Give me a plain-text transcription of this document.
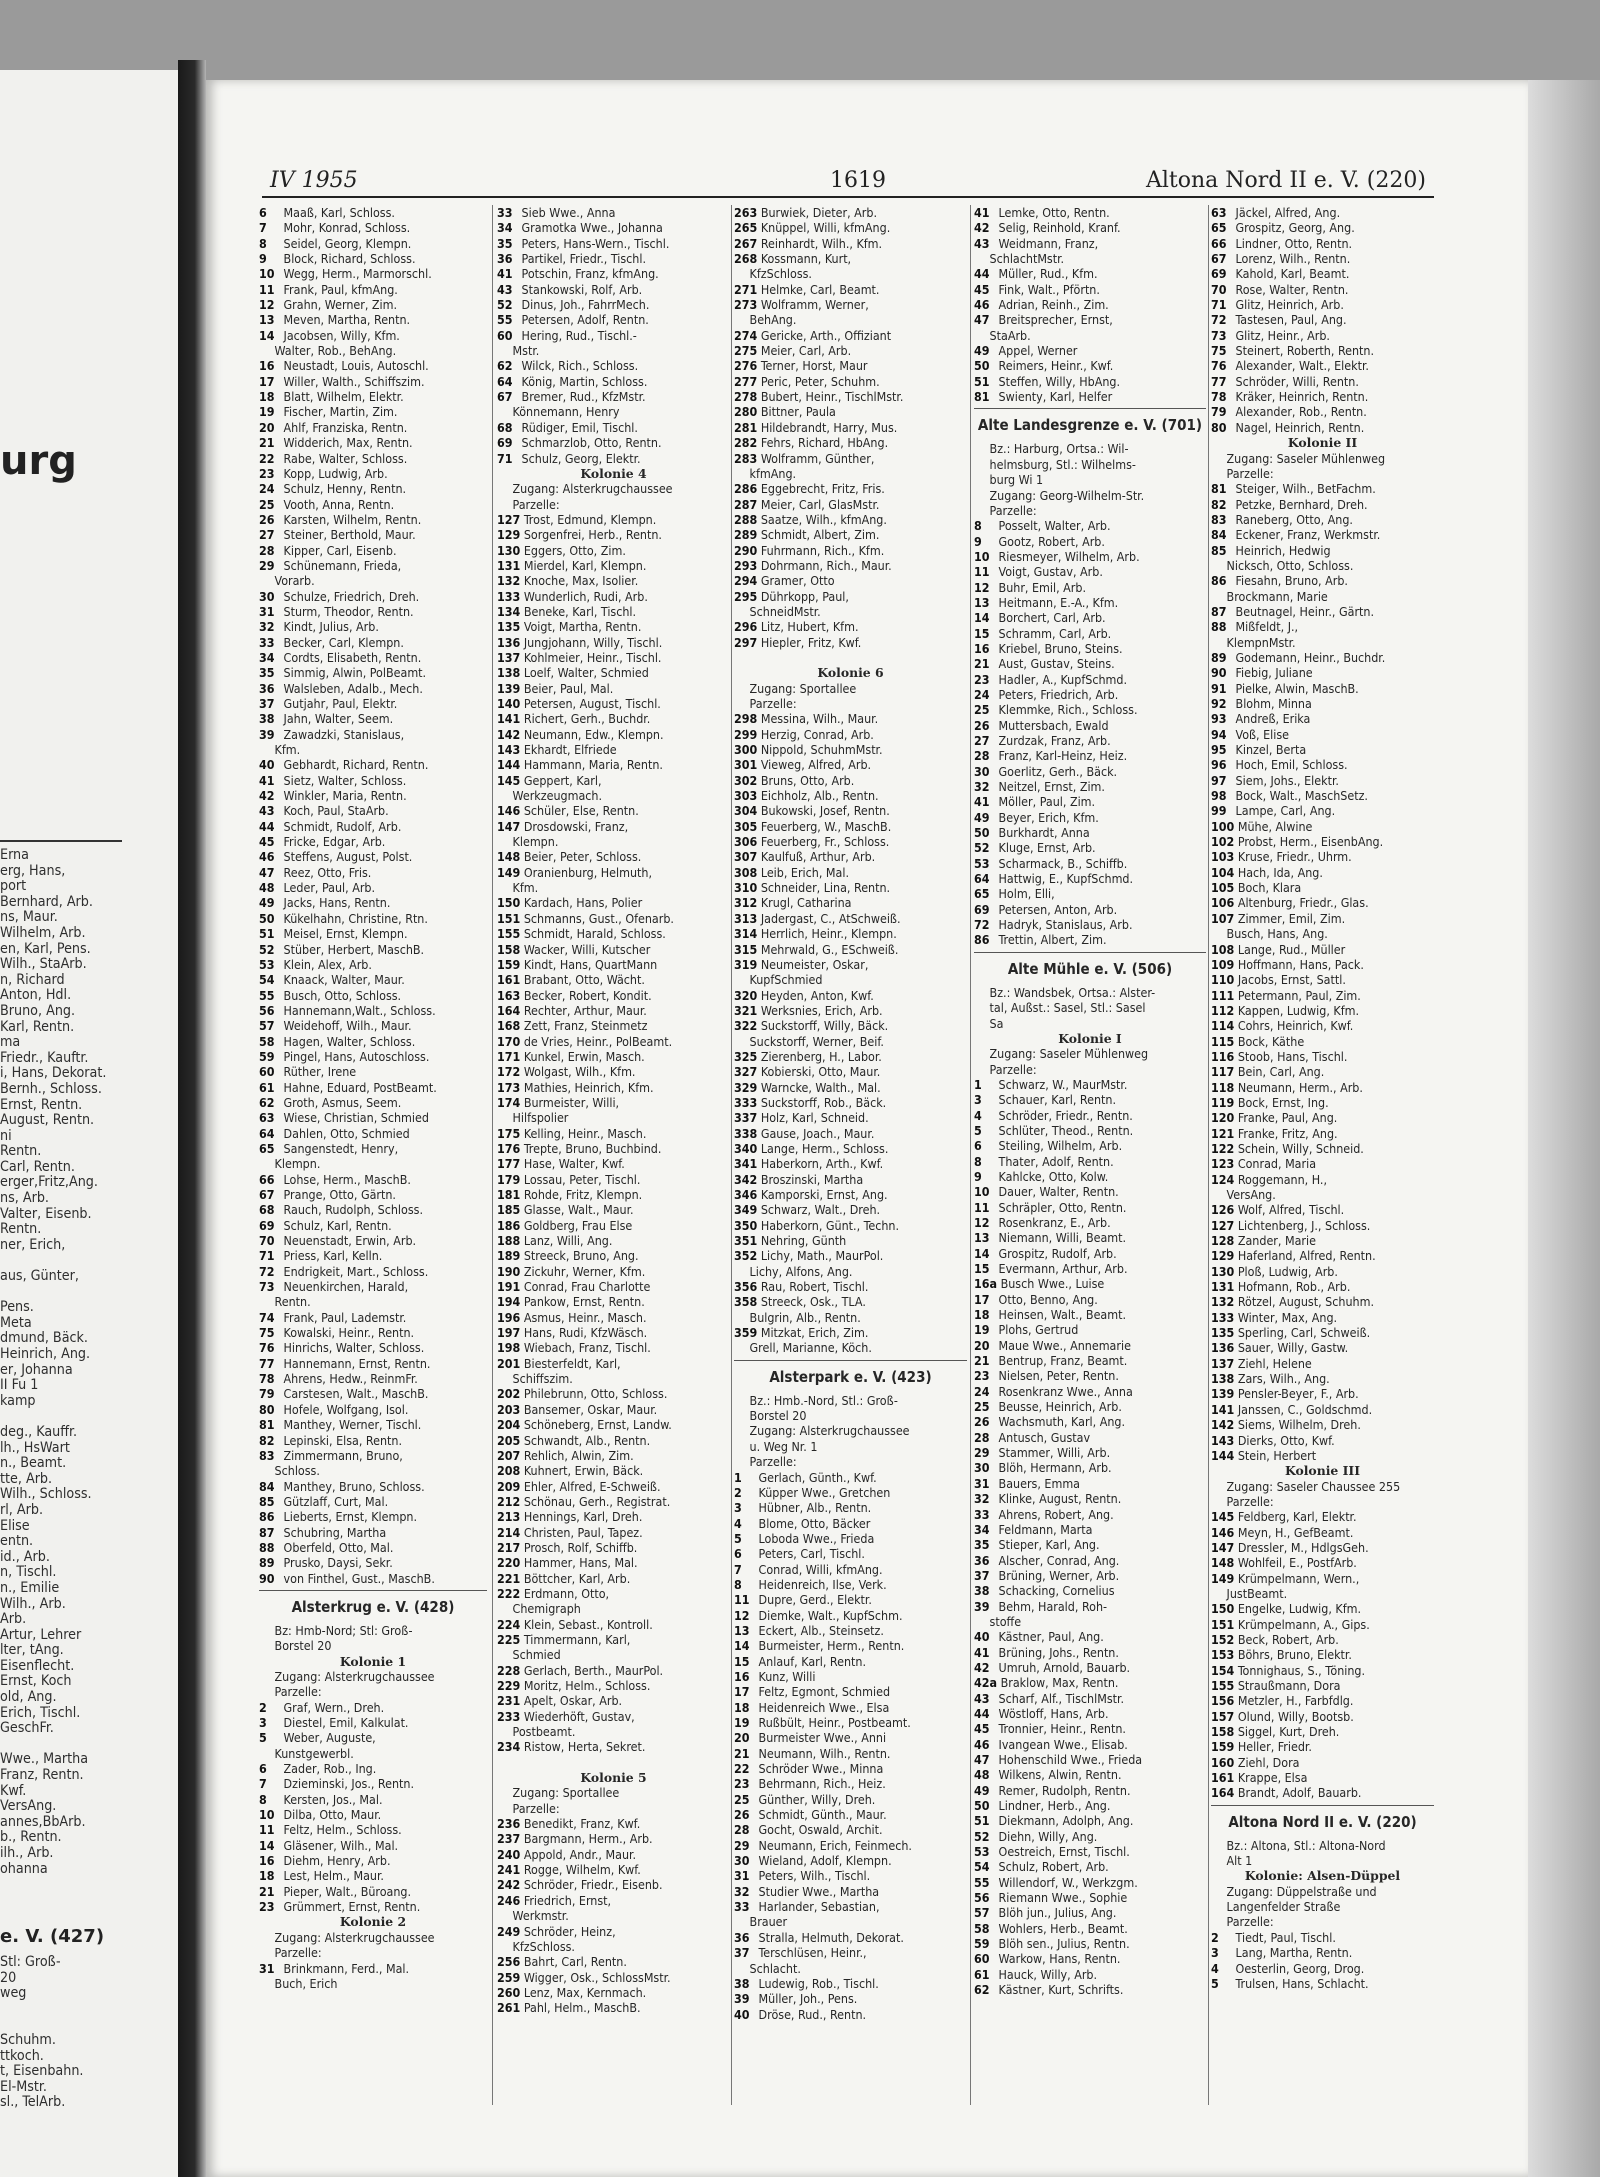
urg
Erna
erg, Hans,
port
Bernhard, Arb.
ns, Maur.
Wilhelm, Arb.
en, Karl, Pens.
Wilh., StaArb.
n, Richard
Anton, Hdl.
Bruno, Ang.
Karl, Rentn.
ma
Friedr., Kauftr.
i, Hans, Dekorat.
Bernh., Schloss.
Ernst, Rentn.
August, Rentn.
ni
Rentn.
Carl, Rentn.
erger,Fritz,Ang.
ns, Arb.
Valter, Eisenb.
Rentn.
ner, Erich,
aus, Günter,
Pens.
Meta
dmund, Bäck.
Heinrich, Ang.
er, Johanna
II Fu 1
kamp
deg., Kauffr.
lh., HsWart
n., Beamt.
tte, Arb.
Wilh., Schloss.
rl, Arb.
Elise
entn.
id., Arb.
n, Tischl.
n., Emilie
Wilh., Arb.
Arb.
Artur, Lehrer
lter, tAng.
Eisenflecht.
Ernst, Koch
old, Ang.
Erich, Tischl.
GeschFr.
Wwe., Martha
Franz, Rentn.
Kwf.
VersAng.
annes,BbArb.
b., Rentn.
ilh., Arb.
ohanna
e. V. (427)
Stl: Groß-
20
weg
Schuhm.
ttkoch.
t, Eisenbahn.
El-Mstr.
sl., TelArb.
IV 1955	1619	Altona Nord II e. V. (220)
6 Maaß, Karl, Schloss.
7 Mohr, Konrad, Schloss.
8 Seidel, Georg, Klempn.
9 Block, Richard, Schloss.
10 Wegg, Herm., Marmorschl.
11 Frank, Paul, kfmAng.
12 Grahn, Werner, Zim.
13 Meven, Martha, Rentn.
14 Jacobsen, Willy, Kfm.
Walter, Rob., BehAng.
16 Neustadt, Louis, Autoschl.
17 Willer, Walth., Schiffszim.
18 Blatt, Wilhelm, Elektr.
19 Fischer, Martin, Zim.
20 Ahlf, Franziska, Rentn.
21 Widderich, Max, Rentn.
22 Rabe, Walter, Schloss.
23 Kopp, Ludwig, Arb.
24 Schulz, Henny, Rentn.
25 Vooth, Anna, Rentn.
26 Karsten, Wilhelm, Rentn.
27 Steiner, Berthold, Maur.
28 Kipper, Carl, Eisenb.
29 Schünemann, Frieda,
Vorarb.
30 Schulze, Friedrich, Dreh.
31 Sturm, Theodor, Rentn.
32 Kindt, Julius, Arb.
33 Becker, Carl, Klempn.
34 Cordts, Elisabeth, Rentn.
35 Simmig, Alwin, PolBeamt.
36 Walsleben, Adalb., Mech.
37 Gutjahr, Paul, Elektr.
38 Jahn, Walter, Seem.
39 Zawadzki, Stanislaus,
Kfm.
40 Gebhardt, Richard, Rentn.
41 Sietz, Walter, Schloss.
42 Winkler, Maria, Rentn.
43 Koch, Paul, StaArb.
44 Schmidt, Rudolf, Arb.
45 Fricke, Edgar, Arb.
46 Steffens, August, Polst.
47 Reez, Otto, Fris.
48 Leder, Paul, Arb.
49 Jacks, Hans, Rentn.
50 Kükelhahn, Christine, Rtn.
51 Meisel, Ernst, Klempn.
52 Stüber, Herbert, MaschB.
53 Klein, Alex, Arb.
54 Knaack, Walter, Maur.
55 Busch, Otto, Schloss.
56 Hannemann,Walt., Schloss.
57 Weidehoff, Wilh., Maur.
58 Hagen, Walter, Schloss.
59 Pingel, Hans, Autoschloss.
60 Rüther, Irene
61 Hahne, Eduard, PostBeamt.
62 Groth, Asmus, Seem.
63 Wiese, Christian, Schmied
64 Dahlen, Otto, Schmied
65 Sangenstedt, Henry,
Klempn.
66 Lohse, Herm., MaschB.
67 Prange, Otto, Gärtn.
68 Rauch, Rudolph, Schloss.
69 Schulz, Karl, Rentn.
70 Neuenstadt, Erwin, Arb.
71 Priess, Karl, Kelln.
72 Endrigkeit, Mart., Schloss.
73 Neuenkirchen, Harald,
Rentn.
74 Frank, Paul, Lademstr.
75 Kowalski, Heinr., Rentn.
76 Hinrichs, Walter, Schloss.
77 Hannemann, Ernst, Rentn.
78 Ahrens, Hedw., ReinmFr.
79 Carstesen, Walt., MaschB.
80 Hofele, Wolfgang, Isol.
81 Manthey, Werner, Tischl.
82 Lepinski, Elsa, Rentn.
83 Zimmermann, Bruno,
Schloss.
84 Manthey, Bruno, Schloss.
85 Gützlaff, Curt, Mal.
86 Lieberts, Ernst, Klempn.
87 Schubring, Martha
88 Oberfeld, Otto, Mal.
89 Prusko, Daysi, Sekr.
90 von Finthel, Gust., MaschB.
Alsterkrug e. V. (428)
Bz: Hmb-Nord; Stl: Groß-
Borstel 20
Kolonie 1
Zugang: Alsterkrugchaussee
Parzelle:
2 Graf, Wern., Dreh.
3 Diestel, Emil, Kalkulat.
5 Weber, Auguste,
Kunstgewerbl.
6 Zader, Rob., Ing.
7 Dzieminski, Jos., Rentn.
8 Kersten, Jos., Mal.
10 Dilba, Otto, Maur.
11 Feltz, Helm., Schloss.
14 Gläsener, Wilh., Mal.
16 Diehm, Henry, Arb.
18 Lest, Helm., Maur.
21 Pieper, Walt., Büroang.
23 Grümmert, Ernst, Rentn.
Kolonie 2
Zugang: Alsterkrugchaussee
Parzelle:
31 Brinkmann, Ferd., Mal.
Buch, Erich
33 Sieb Wwe., Anna
34 Gramotka Wwe., Johanna
35 Peters, Hans-Wern., Tischl.
36 Partikel, Friedr., Tischl.
41 Potschin, Franz, kfmAng.
43 Stankowski, Rolf, Arb.
52 Dinus, Joh., FahrrMech.
55 Petersen, Adolf, Rentn.
60 Hering, Rud., Tischl.-
Mstr.
62 Wilck, Rich., Schloss.
64 König, Martin, Schloss.
67 Bremer, Rud., KfzMstr.
Könnemann, Henry
68 Rüdiger, Emil, Tischl.
69 Schmarzlob, Otto, Rentn.
71 Schulz, Georg, Elektr.
Kolonie 4
Zugang: Alsterkrugchaussee
Parzelle:
127 Trost, Edmund, Klempn.
129 Sorgenfrei, Herb., Rentn.
130 Eggers, Otto, Zim.
131 Mierdel, Karl, Klempn.
132 Knoche, Max, Isolier.
133 Wunderlich, Rudi, Arb.
134 Beneke, Karl, Tischl.
135 Voigt, Martha, Rentn.
136 Jungjohann, Willy, Tischl.
137 Kohlmeier, Heinr., Tischl.
138 Loelf, Walter, Schmied
139 Beier, Paul, Mal.
140 Petersen, August, Tischl.
141 Richert, Gerh., Buchdr.
142 Neumann, Edw., Klempn.
143 Ekhardt, Elfriede
144 Hammann, Maria, Rentn.
145 Geppert, Karl,
Werkzeugmach.
146 Schüler, Else, Rentn.
147 Drosdowski, Franz,
Klempn.
148 Beier, Peter, Schloss.
149 Oranienburg, Helmuth,
Kfm.
150 Kardach, Hans, Polier
151 Schmanns, Gust., Ofenarb.
155 Schmidt, Harald, Schloss.
158 Wacker, Willi, Kutscher
159 Kindt, Hans, QuartMann
161 Brabant, Otto, Wächt.
163 Becker, Robert, Kondit.
164 Rechter, Arthur, Maur.
168 Zett, Franz, Steinmetz
170 de Vries, Heinr., PolBeamt.
171 Kunkel, Erwin, Masch.
172 Wolgast, Wilh., Kfm.
173 Mathies, Heinrich, Kfm.
174 Burmeister, Willi,
Hilfspolier
175 Kelling, Heinr., Masch.
176 Trepte, Bruno, Buchbind.
177 Hase, Walter, Kwf.
179 Lossau, Peter, Tischl.
181 Rohde, Fritz, Klempn.
185 Glasse, Walt., Maur.
186 Goldberg, Frau Else
188 Lanz, Willi, Ang.
189 Streeck, Bruno, Ang.
190 Zickuhr, Werner, Kfm.
191 Conrad, Frau Charlotte
194 Pankow, Ernst, Rentn.
196 Asmus, Heinr., Masch.
197 Hans, Rudi, KfzWäsch.
198 Wiebach, Franz, Tischl.
201 Biesterfeldt, Karl,
Schiffszim.
202 Philebrunn, Otto, Schloss.
203 Bansemer, Oskar, Maur.
204 Schöneberg, Ernst, Landw.
205 Schwandt, Alb., Rentn.
207 Rehlich, Alwin, Zim.
208 Kuhnert, Erwin, Bäck.
209 Ehler, Alfred, E-Schweiß.
212 Schönau, Gerh., Registrat.
213 Hennings, Karl, Dreh.
214 Christen, Paul, Tapez.
217 Prosch, Rolf, Schiffb.
220 Hammer, Hans, Mal.
221 Böttcher, Karl, Arb.
222 Erdmann, Otto,
Chemigraph
224 Klein, Sebast., Kontroll.
225 Timmermann, Karl,
Schmied
228 Gerlach, Berth., MaurPol.
229 Moritz, Helm., Schloss.
231 Apelt, Oskar, Arb.
233 Wiederhöft, Gustav,
Postbeamt.
234 Ristow, Herta, Sekret.
Kolonie 5
Zugang: Sportallee
Parzelle:
236 Benedikt, Franz, Kwf.
237 Bargmann, Herm., Arb.
240 Appold, Andr., Maur.
241 Rogge, Wilhelm, Kwf.
242 Schröder, Friedr., Eisenb.
246 Friedrich, Ernst,
Werkmstr.
249 Schröder, Heinz,
KfzSchloss.
256 Bahrt, Carl, Rentn.
259 Wigger, Osk., SchlossMstr.
260 Lenz, Max, Kernmach.
261 Pahl, Helm., MaschB.
263 Burwiek, Dieter, Arb.
265 Knüppel, Willi, kfmAng.
267 Reinhardt, Wilh., Kfm.
268 Kossmann, Kurt,
KfzSchloss.
271 Helmke, Carl, Beamt.
273 Wolframm, Werner,
BehAng.
274 Gericke, Arth., Offiziant
275 Meier, Carl, Arb.
276 Terner, Horst, Maur
277 Peric, Peter, Schuhm.
278 Bubert, Heinr., TischlMstr.
280 Bittner, Paula
281 Hildebrandt, Harry, Mus.
282 Fehrs, Richard, HbAng.
283 Wolframm, Günther,
kfmAng.
286 Eggebrecht, Fritz, Fris.
287 Meier, Carl, GlasMstr.
288 Saatze, Wilh., kfmAng.
289 Schmidt, Albert, Zim.
290 Fuhrmann, Rich., Kfm.
293 Dohrmann, Rich., Maur.
294 Gramer, Otto
295 Dührkopp, Paul,
SchneidMstr.
296 Litz, Hubert, Kfm.
297 Hiepler, Fritz, Kwf.
Kolonie 6
Zugang: Sportallee
Parzelle:
298 Messina, Wilh., Maur.
299 Herzig, Conrad, Arb.
300 Nippold, SchuhmMstr.
301 Vieweg, Alfred, Arb.
302 Bruns, Otto, Arb.
303 Eichholz, Alb., Rentn.
304 Bukowski, Josef, Rentn.
305 Feuerberg, W., MaschB.
306 Feuerberg, Fr., Schloss.
307 Kaulfuß, Arthur, Arb.
308 Leib, Erich, Mal.
310 Schneider, Lina, Rentn.
312 Krugl, Catharina
313 Jadergast, C., AtSchweiß.
314 Herrlich, Heinr., Klempn.
315 Mehrwald, G., ESchweiß.
319 Neumeister, Oskar,
KupfSchmied
320 Heyden, Anton, Kwf.
321 Werksnies, Erich, Arb.
322 Suckstorff, Willy, Bäck.
Suckstorff, Werner, Beif.
325 Zierenberg, H., Labor.
327 Kobierski, Otto, Maur.
329 Warncke, Walth., Mal.
333 Suckstorff, Rob., Bäck.
337 Holz, Karl, Schneid.
338 Gause, Joach., Maur.
340 Lange, Herm., Schloss.
341 Haberkorn, Arth., Kwf.
342 Broszinski, Martha
346 Kamporski, Ernst, Ang.
349 Schwarz, Walt., Dreh.
350 Haberkorn, Günt., Techn.
351 Nehring, Günth
352 Lichy, Math., MaurPol.
Lichy, Alfons, Ang.
356 Rau, Robert, Tischl.
358 Streeck, Osk., TLA.
Bulgrin, Alb., Rentn.
359 Mitzkat, Erich, Zim.
Grell, Marianne, Köch.
Alsterpark e. V. (423)
Bz.: Hmb.-Nord, Stl.: Groß-
Borstel 20
Zugang: Alsterkrugchaussee
u. Weg Nr. 1
Parzelle:
1 Gerlach, Günth., Kwf.
2 Küpper Wwe., Gretchen
3 Hübner, Alb., Rentn.
4 Blome, Otto, Bäcker
5 Loboda Wwe., Frieda
6 Peters, Carl, Tischl.
7 Conrad, Willi, kfmAng.
8 Heidenreich, Ilse, Verk.
11 Dupre, Gerd., Elektr.
12 Diemke, Walt., KupfSchm.
13 Eckert, Alb., Steinsetz.
14 Burmeister, Herm., Rentn.
15 Anlauf, Karl, Rentn.
16 Kunz, Willi
17 Feltz, Egmont, Schmied
18 Heidenreich Wwe., Elsa
19 Rußbült, Heinr., Postbeamt.
20 Burmeister Wwe., Anni
21 Neumann, Wilh., Rentn.
22 Schröder Wwe., Minna
23 Behrmann, Rich., Heiz.
25 Günther, Willy, Dreh.
26 Schmidt, Günth., Maur.
28 Gocht, Oswald, Archit.
29 Neumann, Erich, Feinmech.
30 Wieland, Adolf, Klempn.
31 Peters, Wilh., Tischl.
32 Studier Wwe., Martha
33 Harlander, Sebastian,
Brauer
36 Stralla, Helmuth, Dekorat.
37 Terschlüsen, Heinr.,
Schlacht.
38 Ludewig, Rob., Tischl.
39 Müller, Joh., Pens.
40 Dröse, Rud., Rentn.
41 Lemke, Otto, Rentn.
42 Selig, Reinhold, Kranf.
43 Weidmann, Franz,
SchlachtMstr.
44 Müller, Rud., Kfm.
45 Fink, Walt., Pförtn.
46 Adrian, Reinh., Zim.
47 Breitsprecher, Ernst,
StaArb.
49 Appel, Werner
50 Reimers, Heinr., Kwf.
51 Steffen, Willy, HbAng.
81 Swienty, Karl, Helfer
Alte Landesgrenze e. V. (701)
Bz.: Harburg, Ortsa.: Wil-
helmsburg, Stl.: Wilhelms-
burg Wi 1
Zugang: Georg-Wilhelm-Str.
Parzelle:
8 Posselt, Walter, Arb.
9 Gootz, Robert, Arb.
10 Riesmeyer, Wilhelm, Arb.
11 Voigt, Gustav, Arb.
12 Buhr, Emil, Arb.
13 Heitmann, E.-A., Kfm.
14 Borchert, Carl, Arb.
15 Schramm, Carl, Arb.
16 Kriebel, Bruno, Steins.
21 Aust, Gustav, Steins.
23 Hadler, A., KupfSchmd.
24 Peters, Friedrich, Arb.
25 Klemmke, Rich., Schloss.
26 Muttersbach, Ewald
27 Zurdzak, Franz, Arb.
28 Franz, Karl-Heinz, Heiz.
30 Goerlitz, Gerh., Bäck.
32 Neitzel, Ernst, Zim.
41 Möller, Paul, Zim.
49 Beyer, Erich, Kfm.
50 Burkhardt, Anna
52 Kluge, Ernst, Arb.
53 Scharmack, B., Schiffb.
64 Hattwig, E., KupfSchmd.
65 Holm, Elli,
69 Petersen, Anton, Arb.
72 Hadryk, Stanislaus, Arb.
86 Trettin, Albert, Zim.
Alte Mühle e. V. (506)
Bz.: Wandsbek, Ortsa.: Alster-
tal, Außst.: Sasel, Stl.: Sasel
Sa
Kolonie I
Zugang: Saseler Mühlenweg
Parzelle:
1 Schwarz, W., MaurMstr.
3 Schauer, Karl, Rentn.
4 Schröder, Friedr., Rentn.
5 Schlüter, Theod., Rentn.
6 Steiling, Wilhelm, Arb.
8 Thater, Adolf, Rentn.
9 Kahlcke, Otto, Kolw.
10 Dauer, Walter, Rentn.
11 Schräpler, Otto, Rentn.
12 Rosenkranz, E., Arb.
13 Niemann, Willi, Beamt.
14 Grospitz, Rudolf, Arb.
15 Evermann, Arthur, Arb.
16a Busch Wwe., Luise
17 Otto, Benno, Ang.
18 Heinsen, Walt., Beamt.
19 Plohs, Gertrud
20 Maue Wwe., Annemarie
21 Bentrup, Franz, Beamt.
23 Nielsen, Peter, Rentn.
24 Rosenkranz Wwe., Anna
25 Beusse, Heinrich, Arb.
26 Wachsmuth, Karl, Ang.
28 Antusch, Gustav
29 Stammer, Willi, Arb.
30 Blöh, Hermann, Arb.
31 Bauers, Emma
32 Klinke, August, Rentn.
33 Ahrens, Robert, Ang.
34 Feldmann, Marta
35 Stieper, Karl, Ang.
36 Alscher, Conrad, Ang.
37 Brüning, Werner, Arb.
38 Schacking, Cornelius
39 Behm, Harald, Roh-
stoffe
40 Kästner, Paul, Ang.
41 Brüning, Johs., Rentn.
42 Umruh, Arnold, Bauarb.
42a Braklow, Max, Rentn.
43 Scharf, Alf., TischlMstr.
44 Wöstloff, Hans, Arb.
45 Tronnier, Heinr., Rentn.
46 Ivangean Wwe., Elisab.
47 Hohenschild Wwe., Frieda
48 Wilkens, Alwin, Rentn.
49 Remer, Rudolph, Rentn.
50 Lindner, Herb., Ang.
51 Diekmann, Adolph, Ang.
52 Diehn, Willy, Ang.
53 Oestreich, Ernst, Tischl.
54 Schulz, Robert, Arb.
55 Willendorf, W., Werkzgm.
56 Riemann Wwe., Sophie
57 Blöh jun., Julius, Ang.
58 Wohlers, Herb., Beamt.
59 Blöh sen., Julius, Rentn.
60 Warkow, Hans, Rentn.
61 Hauck, Willy, Arb.
62 Kästner, Kurt, Schrifts.
63 Jäckel, Alfred, Ang.
65 Grospitz, Georg, Ang.
66 Lindner, Otto, Rentn.
67 Lorenz, Wilh., Rentn.
69 Kahold, Karl, Beamt.
70 Rose, Walter, Rentn.
71 Glitz, Heinrich, Arb.
72 Tastesen, Paul, Ang.
73 Glitz, Heinr., Arb.
75 Steinert, Roberth, Rentn.
76 Alexander, Walt., Elektr.
77 Schröder, Willi, Rentn.
78 Kräker, Heinrich, Rentn.
79 Alexander, Rob., Rentn.
80 Nagel, Heinrich, Rentn.
Kolonie II
Zugang: Saseler Mühlenweg
Parzelle:
81 Steiger, Wilh., BetFachm.
82 Petzke, Bernhard, Dreh.
83 Raneberg, Otto, Ang.
84 Eckener, Franz, Werkmstr.
85 Heinrich, Hedwig
Nicksch, Otto, Schloss.
86 Fiesahn, Bruno, Arb.
Brockmann, Marie
87 Beutnagel, Heinr., Gärtn.
88 Mißfeldt, J.,
KlempnMstr.
89 Godemann, Heinr., Buchdr.
90 Fiebig, Juliane
91 Pielke, Alwin, MaschB.
92 Blohm, Minna
93 Andreß, Erika
94 Voß, Elise
95 Kinzel, Berta
96 Hoch, Emil, Schloss.
97 Siem, Johs., Elektr.
98 Bock, Walt., MaschSetz.
99 Lampe, Carl, Ang.
100 Mühe, Alwine
102 Probst, Herm., EisenbAng.
103 Kruse, Friedr., Uhrm.
104 Hach, Ida, Ang.
105 Boch, Klara
106 Altenburg, Friedr., Glas.
107 Zimmer, Emil, Zim.
Busch, Hans, Ang.
108 Lange, Rud., Müller
109 Hoffmann, Hans, Pack.
110 Jacobs, Ernst, Sattl.
111 Petermann, Paul, Zim.
112 Kappen, Ludwig, Kfm.
114 Cohrs, Heinrich, Kwf.
115 Bock, Käthe
116 Stoob, Hans, Tischl.
117 Bein, Carl, Ang.
118 Neumann, Herm., Arb.
119 Bock, Ernst, Ing.
120 Franke, Paul, Ang.
121 Franke, Fritz, Ang.
122 Schein, Willy, Schneid.
123 Conrad, Maria
124 Roggemann, H.,
VersAng.
126 Wolf, Alfred, Tischl.
127 Lichtenberg, J., Schloss.
128 Zander, Marie
129 Haferland, Alfred, Rentn.
130 Ploß, Ludwig, Arb.
131 Hofmann, Rob., Arb.
132 Rötzel, August, Schuhm.
133 Winter, Max, Ang.
135 Sperling, Carl, Schweiß.
136 Sauer, Willy, Gastw.
137 Ziehl, Helene
138 Zars, Wilh., Ang.
139 Pensler-Beyer, F., Arb.
141 Janssen, C., Goldschmd.
142 Siems, Wilhelm, Dreh.
143 Dierks, Otto, Kwf.
144 Stein, Herbert
Kolonie III
Zugang: Saseler Chaussee 255
Parzelle:
145 Feldberg, Karl, Elektr.
146 Meyn, H., GefBeamt.
147 Dressler, M., HdlgsGeh.
148 Wohlfeil, E., PostfArb.
149 Krümpelmann, Wern.,
JustBeamt.
150 Engelke, Ludwig, Kfm.
151 Krümpelmann, A., Gips.
152 Beck, Robert, Arb.
153 Böhrs, Bruno, Elektr.
154 Tonnighaus, S., Töning.
155 Straußmann, Dora
156 Metzler, H., Farbfdlg.
157 Olund, Willy, Bootsb.
158 Siggel, Kurt, Dreh.
159 Heller, Friedr.
160 Ziehl, Dora
161 Krappe, Elsa
164 Brandt, Adolf, Bauarb.
Altona Nord II e. V. (220)
Bz.: Altona, Stl.: Altona-Nord
Alt 1
Kolonie: Alsen-Düppel
Zugang: Düppelstraße und
Langenfelder Straße
Parzelle:
2 Tiedt, Paul, Tischl.
3 Lang, Martha, Rentn.
4 Oesterlin, Georg, Drog.
5 Trulsen, Hans, Schlacht.
